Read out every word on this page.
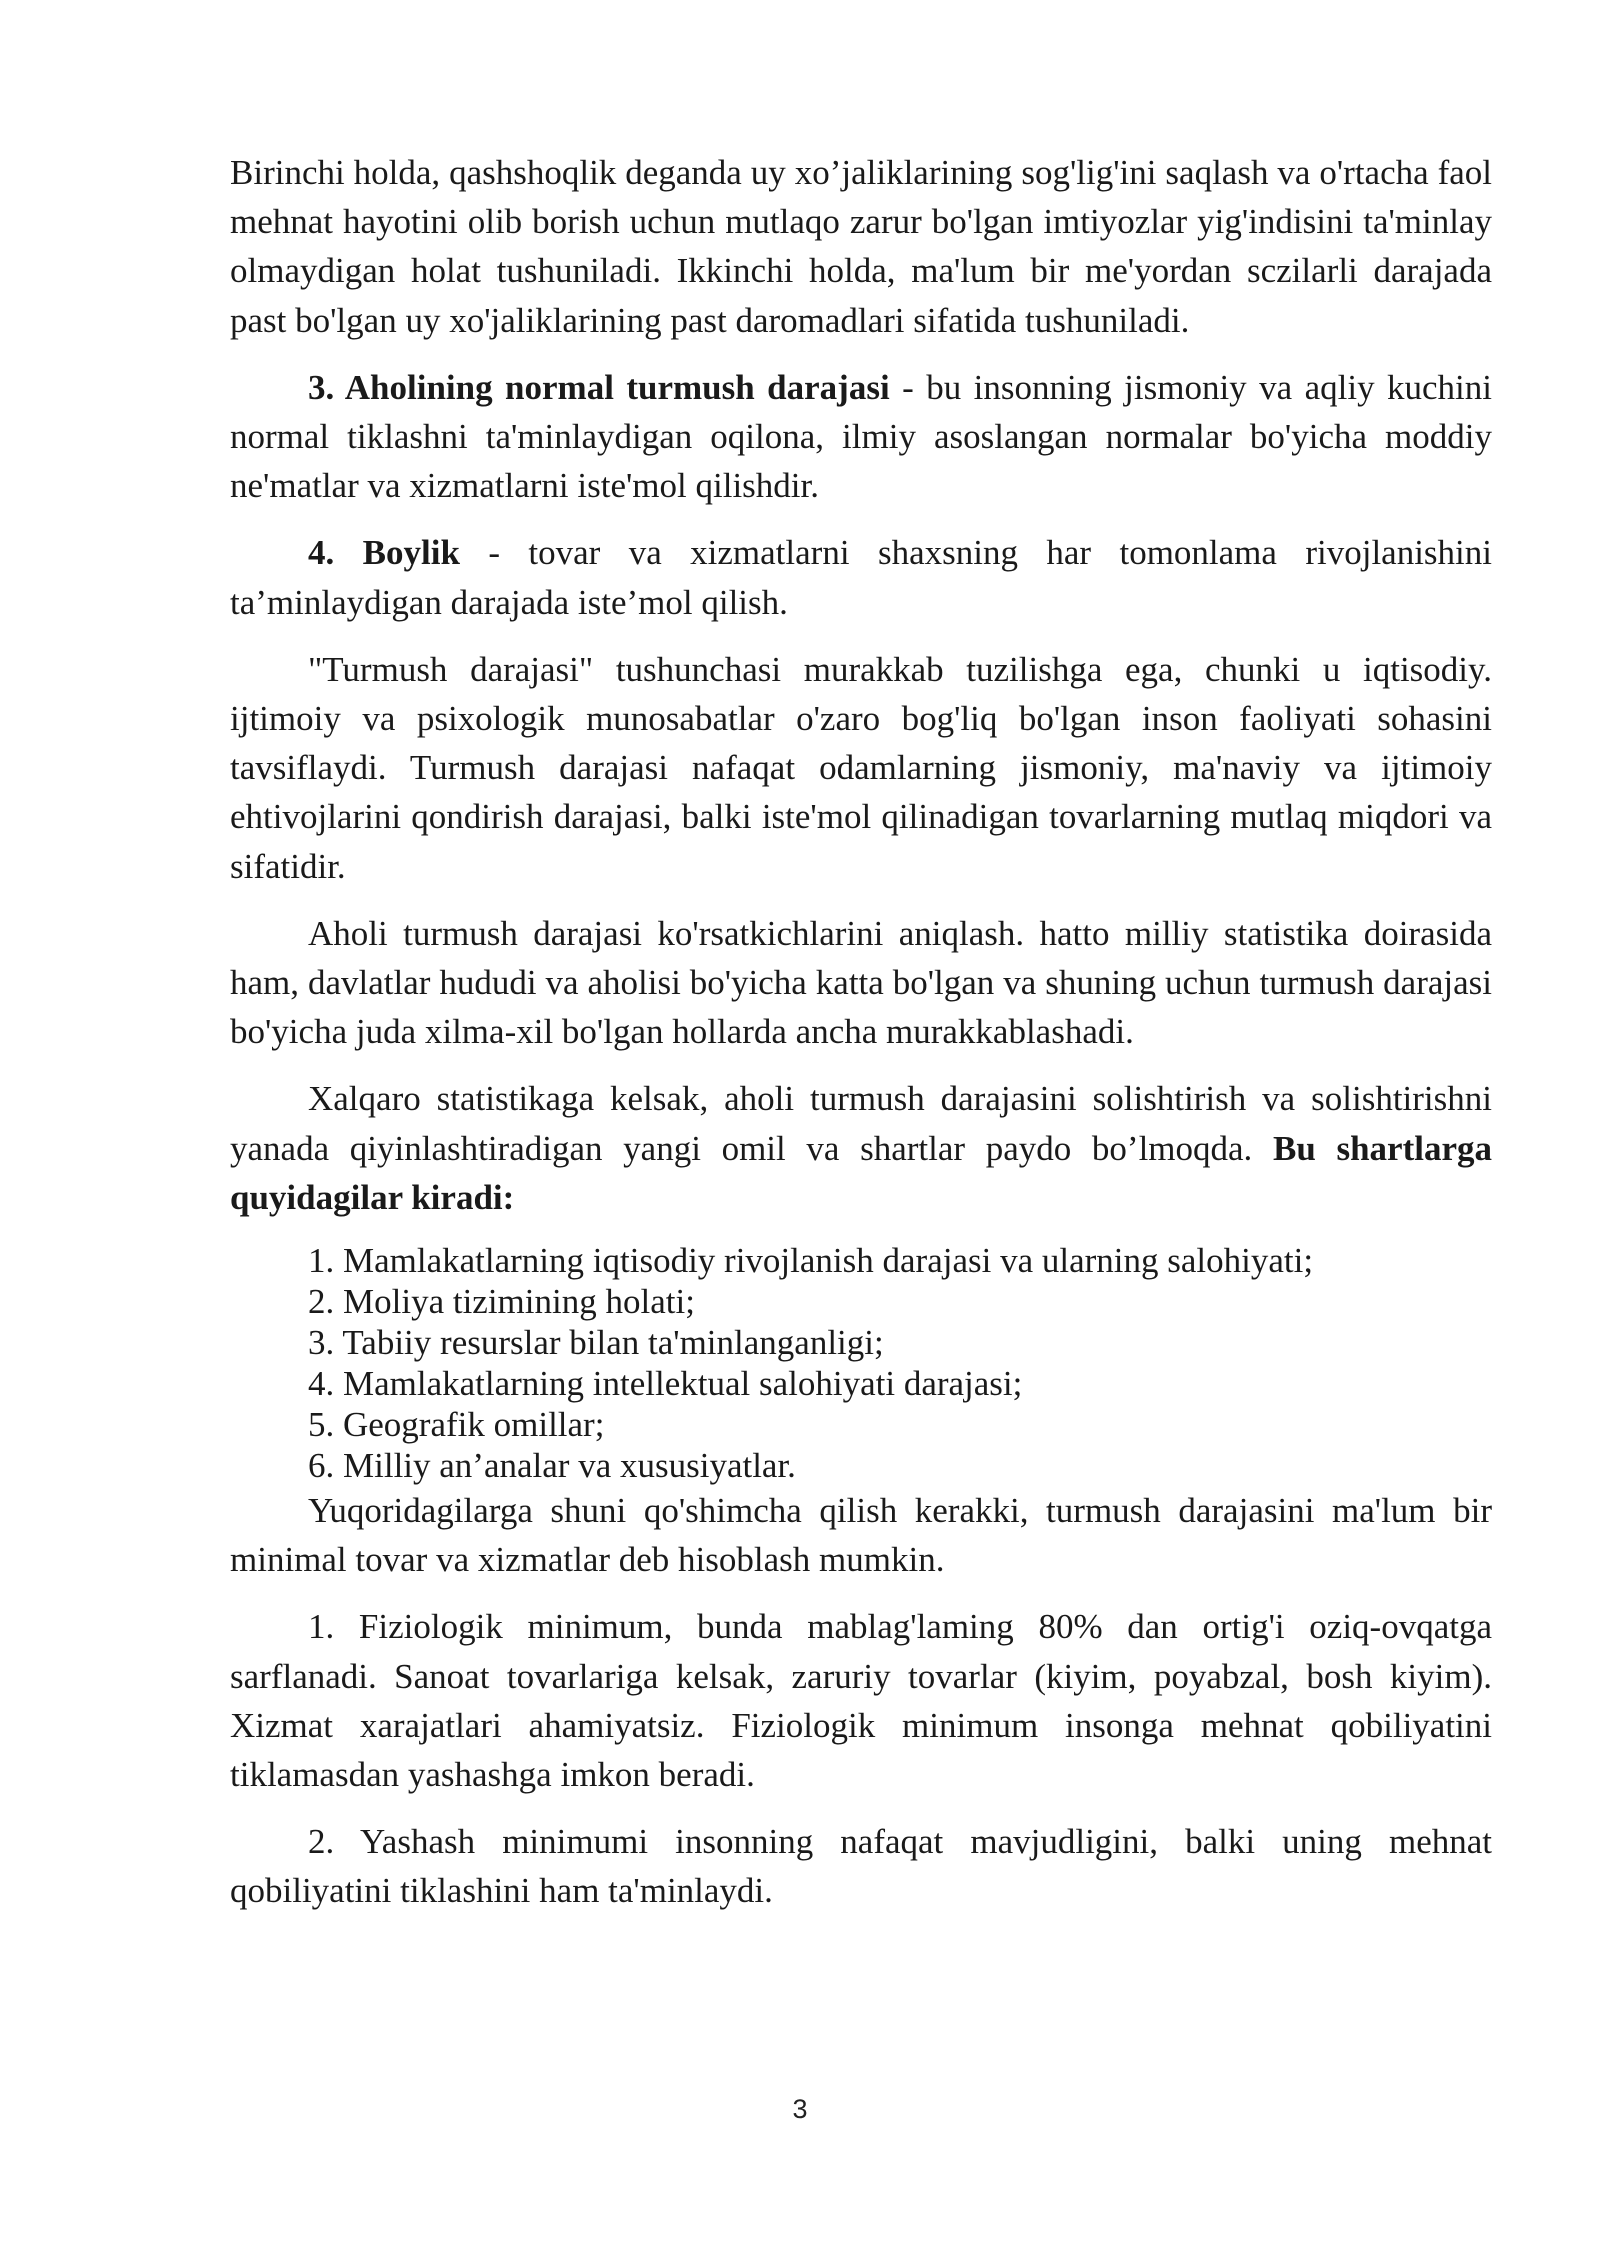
Birinchi holda, qashshoqlik deganda uy xo’jaliklarining sog'lig'ini saqlash va o'rtacha faol mehnat hayotini olib borish uchun mutlaqo zarur bo'lgan imtiyozlar yig'indisini ta'minlay olmaydigan holat tushuniladi. Ikkinchi holda, ma'lum bir me'yordan sczilarli darajada past bo'lgan uy xo'jaliklarining past daromadlari sifatida tushuniladi.

3. Aholining normal turmush darajasi - bu insonning jismoniy va aqliy kuchini normal tiklashni ta'minlaydigan oqilona, ilmiy asoslangan normalar bo'yicha moddiy ne'matlar va xizmatlarni iste'mol qilishdir.

4. Boylik - tovar va xizmatlarni shaxsning har tomonlama rivojlanishini ta’minlaydigan darajada iste’mol qilish.

"Turmush darajasi" tushunchasi murakkab tuzilishga ega, chunki u iqtisodiy. ijtimoiy va psixologik munosabatlar o'zaro bog'liq bo'lgan inson faoliyati sohasini tavsiflaydi. Turmush darajasi nafaqat odamlarning jismoniy, ma'naviy va ijtimoiy ehtivojlarini qondirish darajasi, balki iste'mol qilinadigan tovarlarning mutlaq miqdori va sifatidir.

Aholi turmush darajasi ko'rsatkichlarini aniqlash. hatto milliy statistika doirasida ham, davlatlar hududi va aholisi bo'yicha katta bo'lgan va shuning uchun turmush darajasi bo'yicha juda xilma-xil bo'lgan hollarda ancha murakkablashadi.

Xalqaro statistikaga kelsak, aholi turmush darajasini solishtirish va solishtirishni yanada qiyinlashtiradigan yangi omil va shartlar paydo bo’lmoqda. Bu shartlarga quyidagilar kiradi:

1. Mamlakatlarning iqtisodiy rivojlanish darajasi va ularning salohiyati;
2. Moliya tizimining holati;
3. Tabiiy resurslar bilan ta'minlanganligi;
4. Mamlakatlarning intellektual salohiyati darajasi;
5. Geografik omillar;
6. Milliy an’analar va xususiyatlar.

Yuqoridagilarga shuni qo'shimcha qilish kerakki, turmush darajasini ma'lum bir minimal tovar va xizmatlar deb hisoblash mumkin.

1. Fiziologik minimum, bunda mablag'laming 80% dan ortig'i oziq-ovqatga sarflanadi. Sanoat tovarlariga kelsak, zaruriy tovarlar (kiyim, poyabzal, bosh kiyim). Xizmat xarajatlari ahamiyatsiz. Fiziologik minimum insonga mehnat qobiliyatini tiklamasdan yashashga imkon beradi.

2. Yashash minimumi insonning nafaqat mavjudligini, balki uning mehnat qobiliyatini tiklashini ham ta'minlaydi.

3
